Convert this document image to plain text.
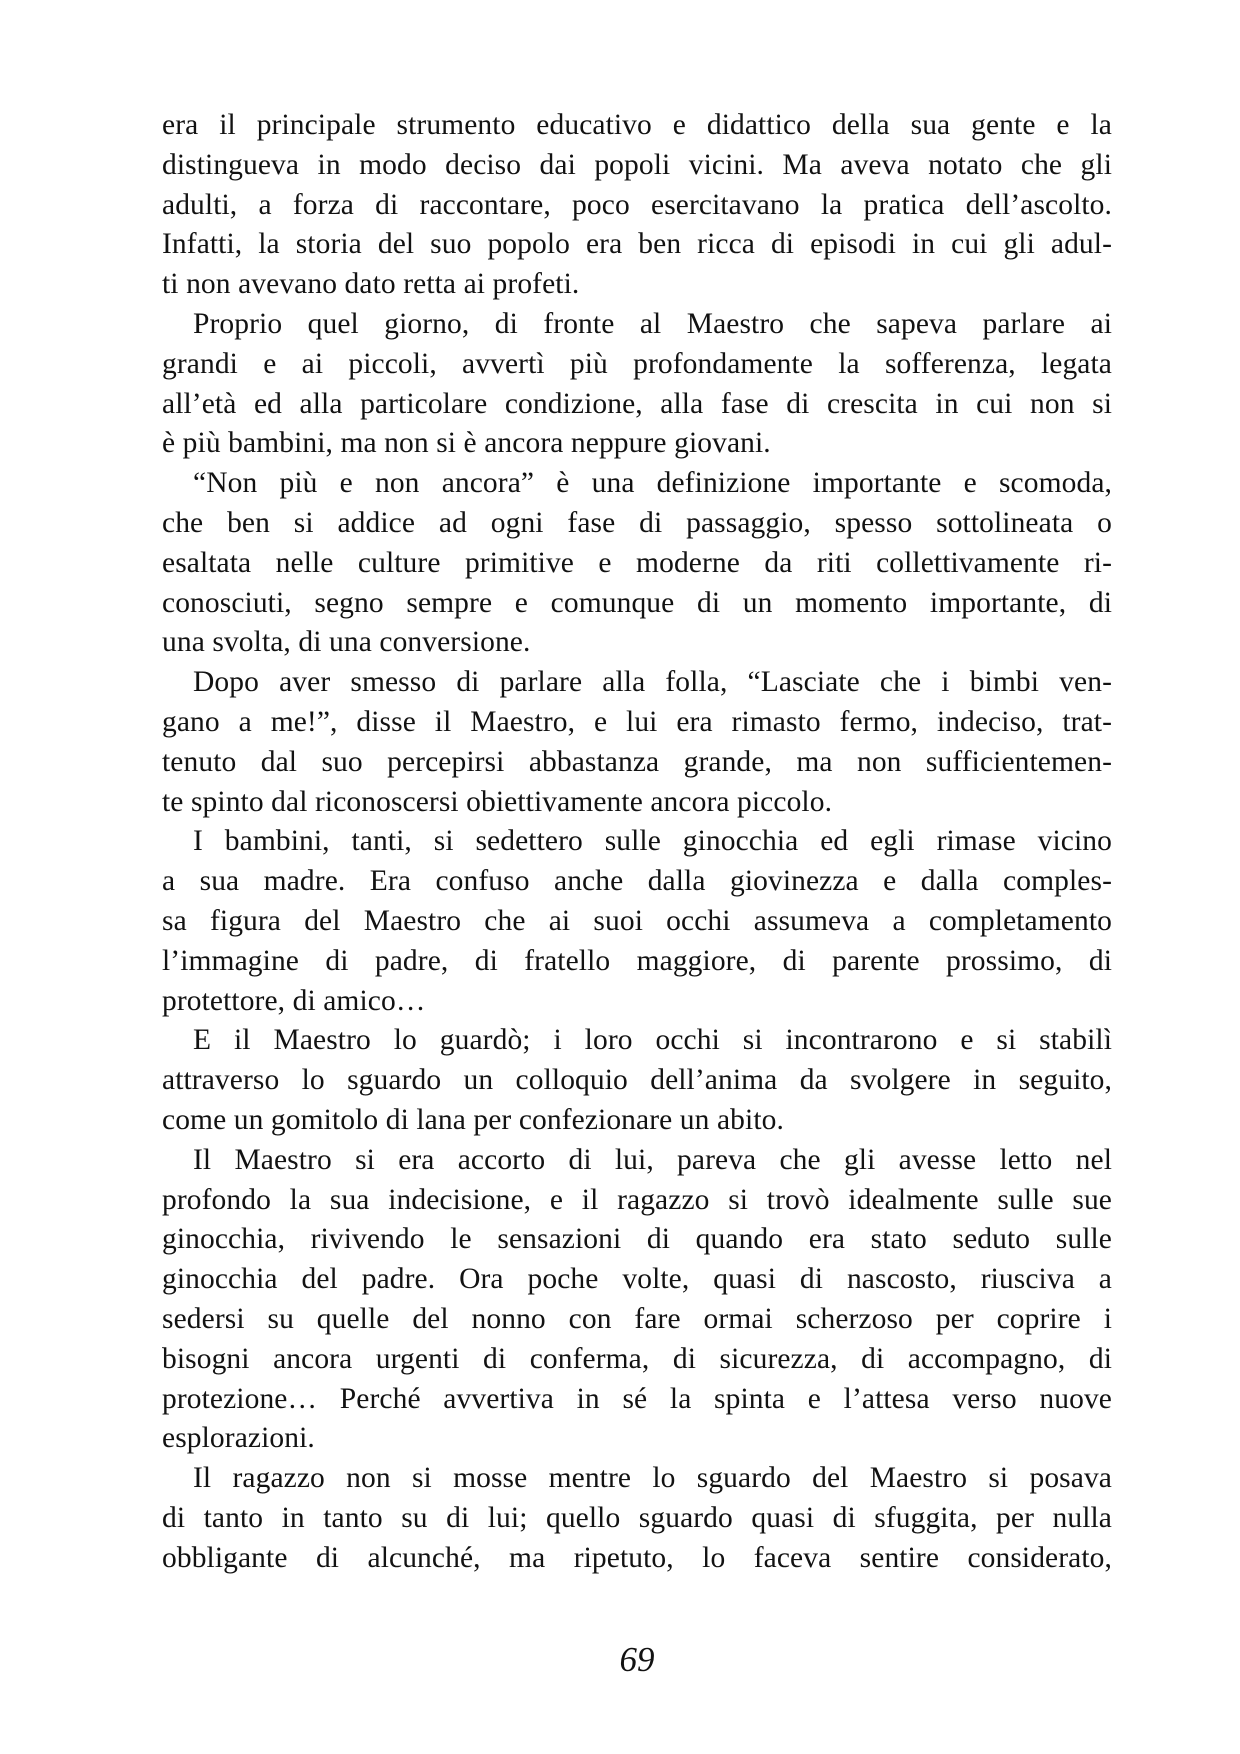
era il principale strumento educativo e didattico della sua gente e la
distingueva in modo deciso dai popoli vicini. Ma aveva notato che gli
adulti, a forza di raccontare, poco esercitavano la pratica dell’ascolto.
Infatti, la storia del suo popolo era ben ricca di episodi in cui gli adul-
ti non avevano dato retta ai profeti.
Proprio quel giorno, di fronte al Maestro che sapeva parlare ai
grandi e ai piccoli, avvertì più profondamente la sofferenza, legata
all’età ed alla particolare condizione, alla fase di crescita in cui non si
è più bambini, ma non si è ancora neppure giovani.
“Non più e non ancora” è una definizione importante e scomoda,
che ben si addice ad ogni fase di passaggio, spesso sottolineata o
esaltata nelle culture primitive e moderne da riti collettivamente ri-
conosciuti, segno sempre e comunque di un momento importante, di
una svolta, di una conversione.
Dopo aver smesso di parlare alla folla, “Lasciate che i bimbi ven-
gano a me!”, disse il Maestro, e lui era rimasto fermo, indeciso, trat-
tenuto dal suo percepirsi abbastanza grande, ma non sufficientemen-
te spinto dal riconoscersi obiettivamente ancora piccolo.
I bambini, tanti, si sedettero sulle ginocchia ed egli rimase vicino
a sua madre. Era confuso anche dalla giovinezza e dalla comples-
sa figura del Maestro che ai suoi occhi assumeva a completamento
l’immagine di padre, di fratello maggiore, di parente prossimo, di
protettore, di amico…
E il Maestro lo guardò; i loro occhi si incontrarono e si stabilì
attraverso lo sguardo un colloquio dell’anima da svolgere in seguito,
come un gomitolo di lana per confezionare un abito.
Il Maestro si era accorto di lui, pareva che gli avesse letto nel
profondo la sua indecisione, e il ragazzo si trovò idealmente sulle sue
ginocchia, rivivendo le sensazioni di quando era stato seduto sulle
ginocchia del padre. Ora poche volte, quasi di nascosto, riusciva a
sedersi su quelle del nonno con fare ormai scherzoso per coprire i
bisogni ancora urgenti di conferma, di sicurezza, di accompagno, di
protezione… Perché avvertiva in sé la spinta e l’attesa verso nuove
esplorazioni.
Il ragazzo non si mosse mentre lo sguardo del Maestro si posava
di tanto in tanto su di lui; quello sguardo quasi di sfuggita, per nulla
obbligante di alcunché, ma ripetuto, lo faceva sentire considerato,
69
